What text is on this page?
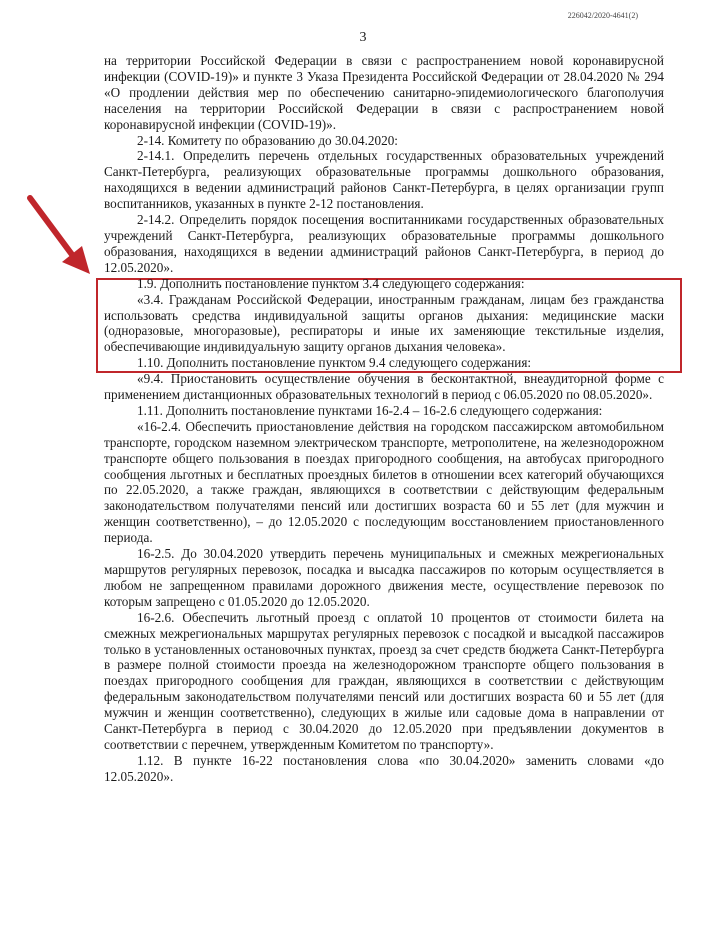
226042/2020-4641(2)
3

на территории Российской Федерации в связи с распространением новой коронавирусной инфекции (COVID-19)» и пункте 3 Указа Президента Российской Федерации от 28.04.2020 № 294 «О продлении действия мер по обеспечению санитарно-эпидемиологического благополучия населения на территории Российской Федерации в связи с распространением новой коронавирусной инфекции (COVID-19)».

2-14. Комитету по образованию до 30.04.2020:

2-14.1. Определить перечень отдельных государственных образовательных учреждений Санкт-Петербурга, реализующих образовательные программы дошкольного образования, находящихся в ведении администраций районов Санкт-Петербурга, в целях организации групп воспитанников, указанных в пункте 2-12 постановления.

2-14.2. Определить порядок посещения воспитанниками государственных образовательных учреждений Санкт-Петербурга, реализующих образовательные программы дошкольного образования, находящихся в ведении администраций районов Санкт-Петербурга, в период до 12.05.2020».

1.9. Дополнить постановление пунктом 3.4 следующего содержания:

«3.4. Гражданам Российской Федерации, иностранным гражданам, лицам без гражданства использовать средства индивидуальной защиты органов дыхания: медицинские маски (одноразовые, многоразовые), респираторы и иные их заменяющие текстильные изделия, обеспечивающие индивидуальную защиту органов дыхания человека».

1.10. Дополнить постановление пунктом 9.4 следующего содержания:

«9.4. Приостановить осуществление обучения в бесконтактной, внеаудиторной форме с применением дистанционных образовательных технологий в период с 06.05.2020 по 08.05.2020».

1.11. Дополнить постановление пунктами 16-2.4 – 16-2.6 следующего содержания:

«16-2.4. Обеспечить приостановление действия на городском пассажирском автомобильном транспорте, городском наземном электрическом транспорте, метрополитене, на железнодорожном транспорте общего пользования в поездах пригородного сообщения, на автобусах пригородного сообщения льготных и бесплатных проездных билетов в отношении всех категорий обучающихся по 22.05.2020, а также граждан, являющихся в соответствии с действующим федеральным законодательством получателями пенсий или достигших возраста 60 и 55 лет (для мужчин и женщин соответственно), – до 12.05.2020 с последующим восстановлением приостановленного периода.

16-2.5. До 30.04.2020 утвердить перечень муниципальных и смежных межрегиональных маршрутов регулярных перевозок, посадка и высадка пассажиров по которым осуществляется в любом не запрещенном правилами дорожного движения месте, осуществление перевозок по которым запрещено с 01.05.2020 до 12.05.2020.

16-2.6. Обеспечить льготный проезд с оплатой 10 процентов от стоимости билета на смежных межрегиональных маршрутах регулярных перевозок с посадкой и высадкой пассажиров только в установленных остановочных пунктах, проезд за счет средств бюджета Санкт-Петербурга в размере полной стоимости проезда на железнодорожном транспорте общего пользования в поездах пригородного сообщения для граждан, являющихся в соответствии с действующим федеральным законодательством получателями пенсий или достигших возраста 60 и 55 лет (для мужчин и женщин соответственно), следующих в жилые или садовые дома в направлении от Санкт-Петербурга в период с 30.04.2020 до 12.05.2020 при предъявлении документов в соответствии с перечнем, утвержденным Комитетом по транспорту».

1.12. В пункте 16-22 постановления слова «по 30.04.2020» заменить словами «до 12.05.2020».
